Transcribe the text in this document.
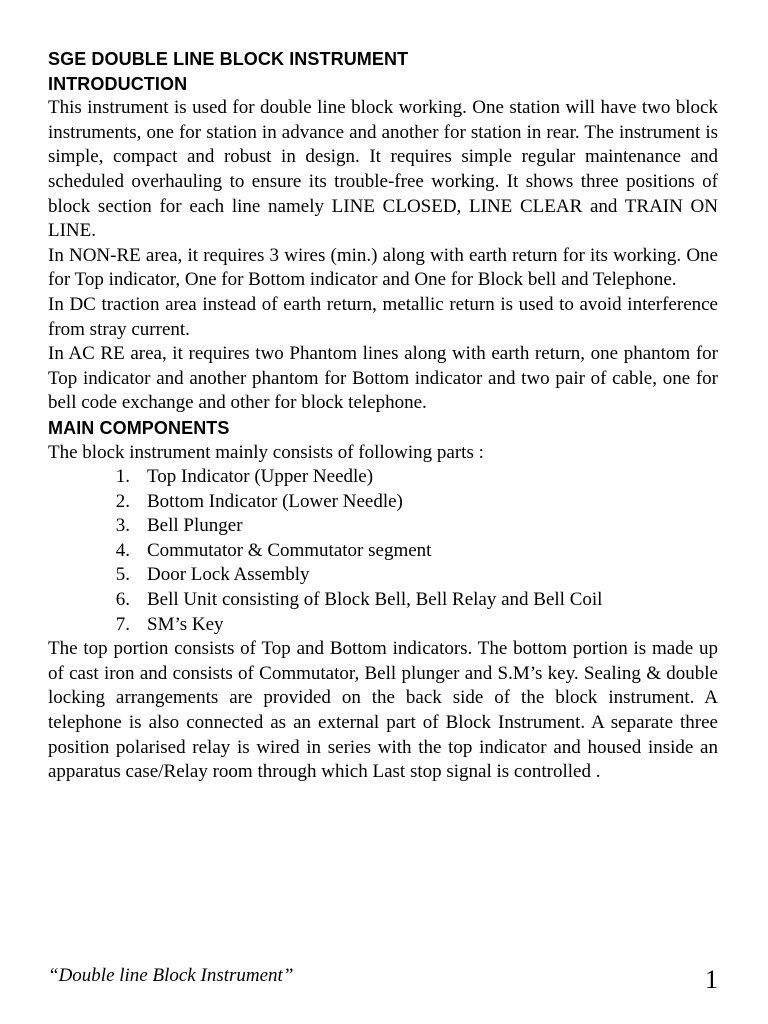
SGE DOUBLE LINE BLOCK INSTRUMENT
INTRODUCTION

This instrument is used for double line block working. One station will have two block instruments, one for station in advance and another for station in rear. The instrument is simple, compact and robust in design. It requires simple regular maintenance and scheduled overhauling to ensure its trouble-free working. It shows three positions of block section for each line namely LINE CLOSED, LINE CLEAR and TRAIN ON LINE.

In NON-RE area, it requires 3 wires (min.) along with earth return for its working. One for Top indicator, One for Bottom indicator and One for Block bell and Telephone.

In DC traction area instead of earth return, metallic return is used to avoid interference from stray current.

In AC RE area, it requires two Phantom lines along with earth return, one phantom for Top indicator and another phantom for Bottom indicator and two pair of cable, one for bell code exchange and other for block telephone.

MAIN COMPONENTS

The block instrument mainly consists of following parts :

1. Top Indicator (Upper Needle)
2. Bottom Indicator (Lower Needle)
3. Bell Plunger
4. Commutator & Commutator segment
5. Door Lock Assembly
6. Bell Unit consisting of Block Bell, Bell Relay and Bell Coil
7. SM’s Key

The top portion consists of Top and Bottom indicators. The bottom portion is made up of cast iron and consists of Commutator, Bell plunger and S.M’s key. Sealing & double locking arrangements are provided on the back side of the block instrument. A telephone is also connected as an external part of Block Instrument. A separate three position polarised relay is wired in series with the top indicator and housed inside an apparatus case/Relay room through which Last stop signal is controlled .

“Double line Block Instrument”	1
